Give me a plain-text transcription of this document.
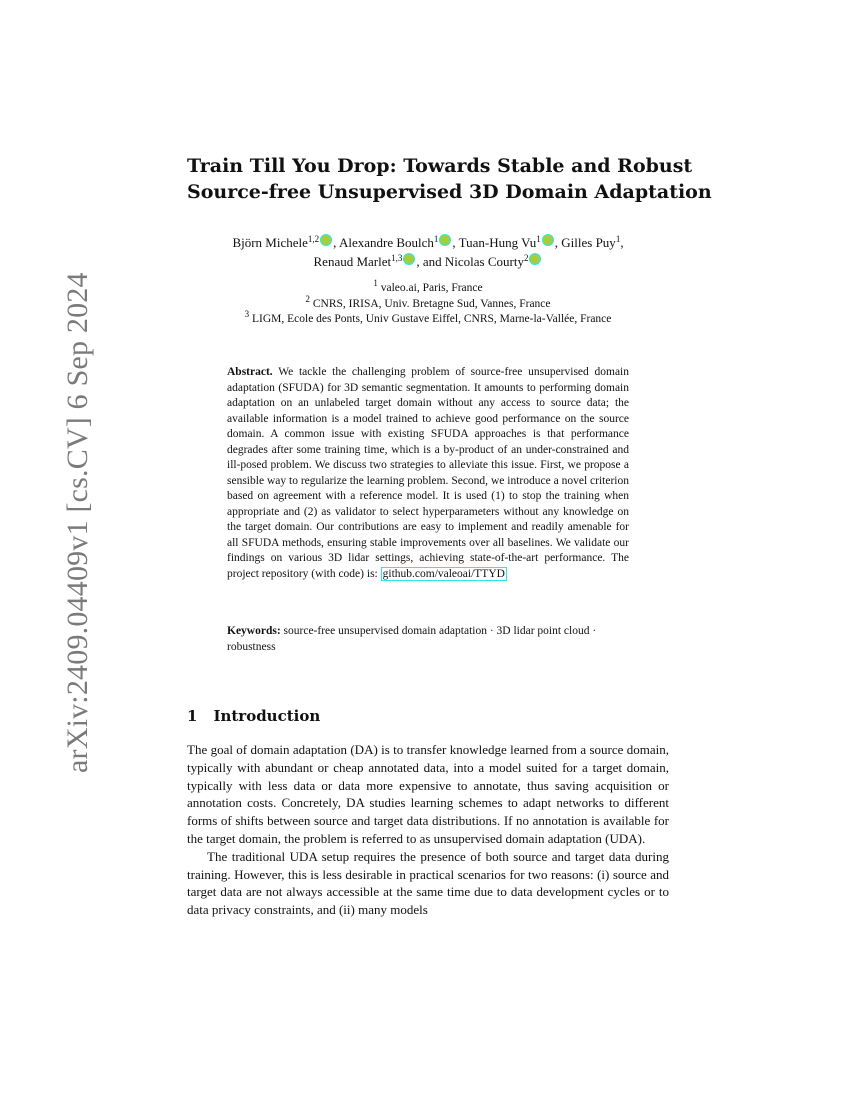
arXiv:2409.04409v1 [cs.CV] 6 Sep 2024
Train Till You Drop: Towards Stable and Robust
Source-free Unsupervised 3D Domain Adaptation
Björn Michele$^{1,2}$ , Alexandre Boulch$^1$ , Tuan-Hung Vu$^1$ , Gilles Puy$^1$,
Renaud Marlet$^{1,3}$ , and Nicolas Courty$^2$
$^1$ valeo.ai, Paris, France
$^2$ CNRS, IRISA, Univ. Bretagne Sud, Vannes, France
$^3$ LIGM, Ecole des Ponts, Univ Gustave Eiffel, CNRS, Marne-la-Vallée, France
Abstract. We tackle the challenging problem of source-free unsupervised domain adaptation (SFUDA) for 3D semantic segmentation. It amounts to performing domain adaptation on an unlabeled target domain without any access to source data; the available information is a model trained to achieve good performance on the source domain. A common issue with existing SFUDA approaches is that performance degrades after some training time, which is a by-product of an under-constrained and ill-posed problem. We discuss two strategies to alleviate this issue. First, we propose a sensible way to regularize the learning problem. Second, we introduce a novel criterion based on agreement with a reference model. It is used (1) to stop the training when appropriate and (2) as validator to select hyperparameters without any knowledge on the target domain. Our contributions are easy to implement and readily amenable for all SFUDA methods, ensuring stable improvements over all baselines. We validate our findings on various 3D lidar settings, achieving state-of-the-art performance. The project repository (with code) is: github.com/valeoai/TTYD
Keywords: source-free unsupervised domain adaptation · 3D lidar point cloud · robustness
1 Introduction

The goal of domain adaptation (DA) is to transfer knowledge learned from a source domain, typically with abundant or cheap annotated data, into a model suited for a target domain, typically with less data or data more expensive to annotate, thus saving acquisition or annotation costs. Concretely, DA studies learning schemes to adapt networks to different forms of shifts between source and target data distributions. If no annotation is available for the target domain, the problem is referred to as unsupervised domain adaptation (UDA).

The traditional UDA setup requires the presence of both source and target data during training. However, this is less desirable in practical scenarios for two reasons: (i) source and target data are not always accessible at the same time due to data development cycles or to data privacy constraints, and (ii) many models
